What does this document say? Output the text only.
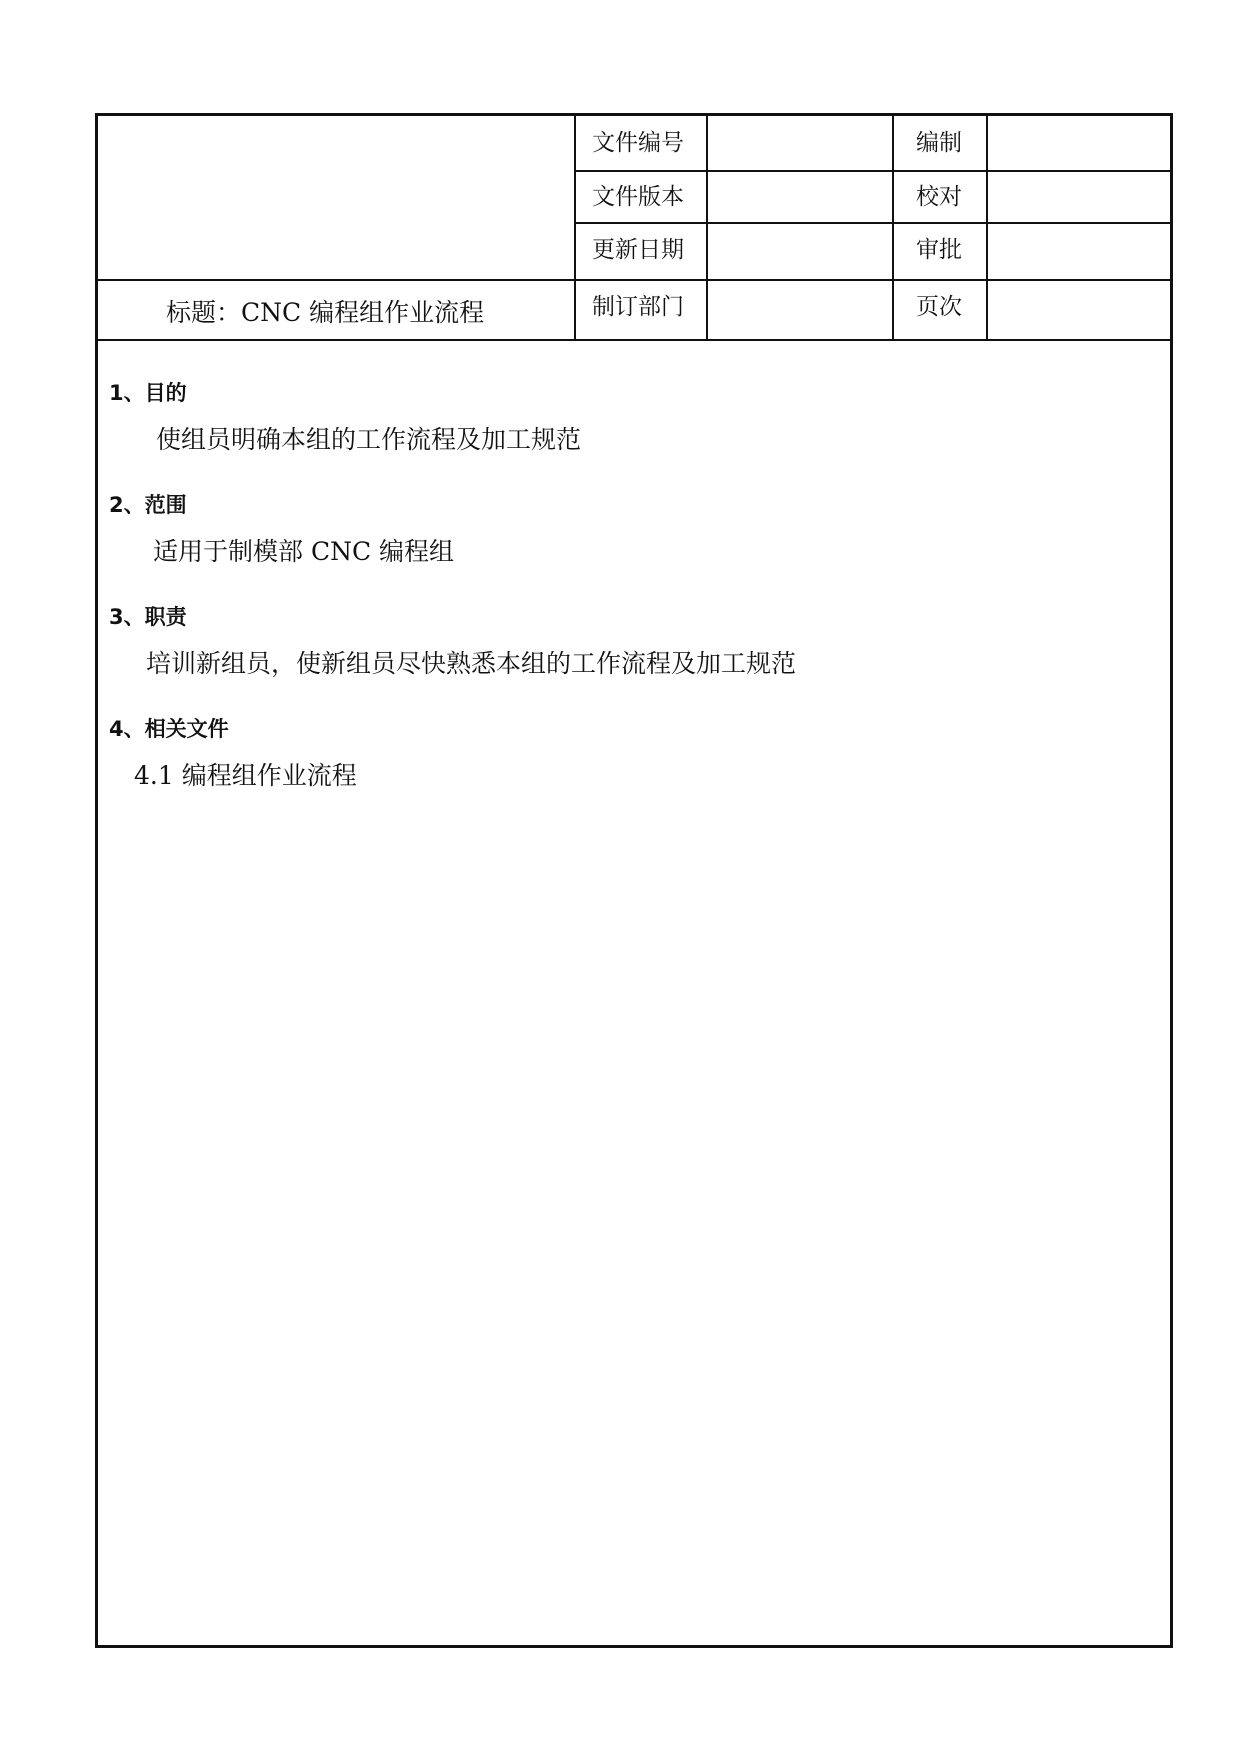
标题：CNC 编程组作业流程
文件编号
文件版本
更新日期
制订部门
编制
校对
审批
页次
1、目的
使组员明确本组的工作流程及加工规范
2、范围
适用于制模部 CNC 编程组
3、职责
培训新组员，使新组员尽快熟悉本组的工作流程及加工规范
4、相关文件
4.1 编程组作业流程
